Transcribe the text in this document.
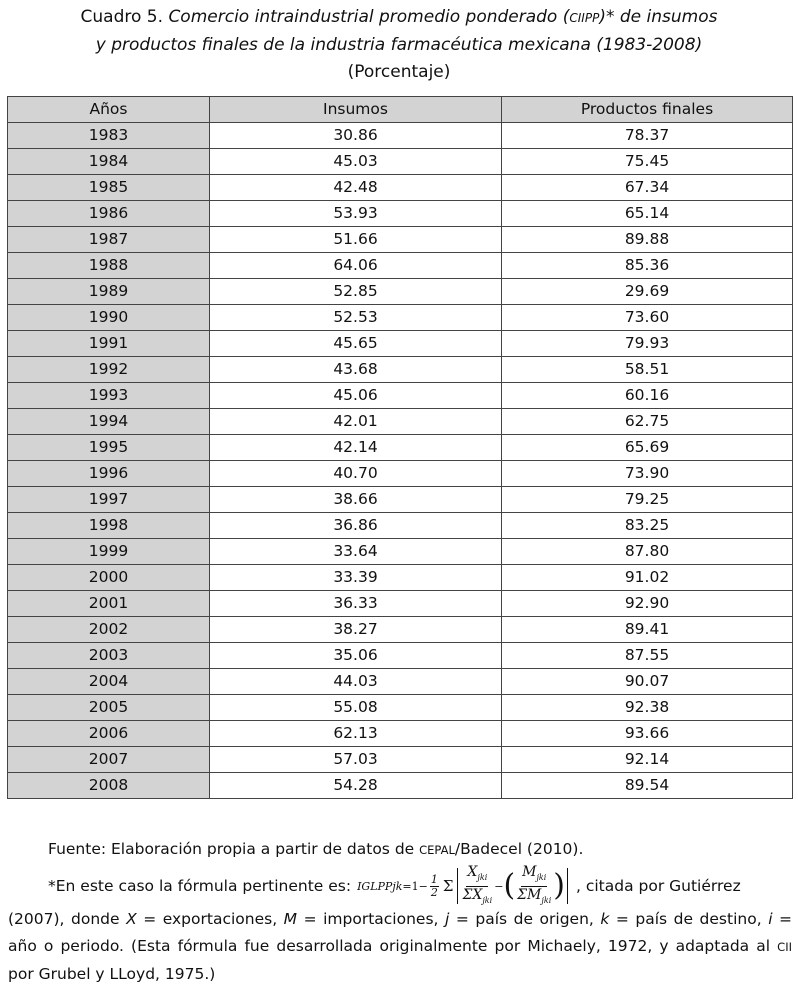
Cuadro 5. Comercio intraindustrial promedio ponderado (CIIPP)* de insumos
y productos finales de la industria farmacéutica mexicana (1983-2008)
(Porcentaje)
Años	Insumos	Productos finales
1983	30.86	78.37
1984	45.03	75.45
1985	42.48	67.34
1986	53.93	65.14
1987	51.66	89.88
1988	64.06	85.36
1989	52.85	29.69
1990	52.53	73.60
1991	45.65	79.93
1992	43.68	58.51
1993	45.06	60.16
1994	42.01	62.75
1995	42.14	65.69
1996	40.70	73.90
1997	38.66	79.25
1998	36.86	83.25
1999	33.64	87.80
2000	33.39	91.02
2001	36.33	92.90
2002	38.27	89.41
2003	35.06	87.55
2004	44.03	90.07
2005	55.08	92.38
2006	62.13	93.66
2007	57.03	92.14
2008	54.28	89.54
Fuente: Elaboración propia a partir de datos de CEPAL/Badecel (2010).
*En este caso la fórmula pertinente es: IGLPPjk $=1- \frac{1}{2}$ Σ $\frac{X_{jki}}{\Sigma X_{jki}}$ − ( $\frac{M_{jki}}{\Sigma M_{jki}}$ ) , citada por Gutiérrez
(2007), donde X = exportaciones, M = importaciones, j = país de origen, k = país de destino, i = año o periodo. (Esta fórmula fue desarrollada originalmente por Michaely, 1972, y adaptada al CII por Grubel y LLoyd, 1975.)
